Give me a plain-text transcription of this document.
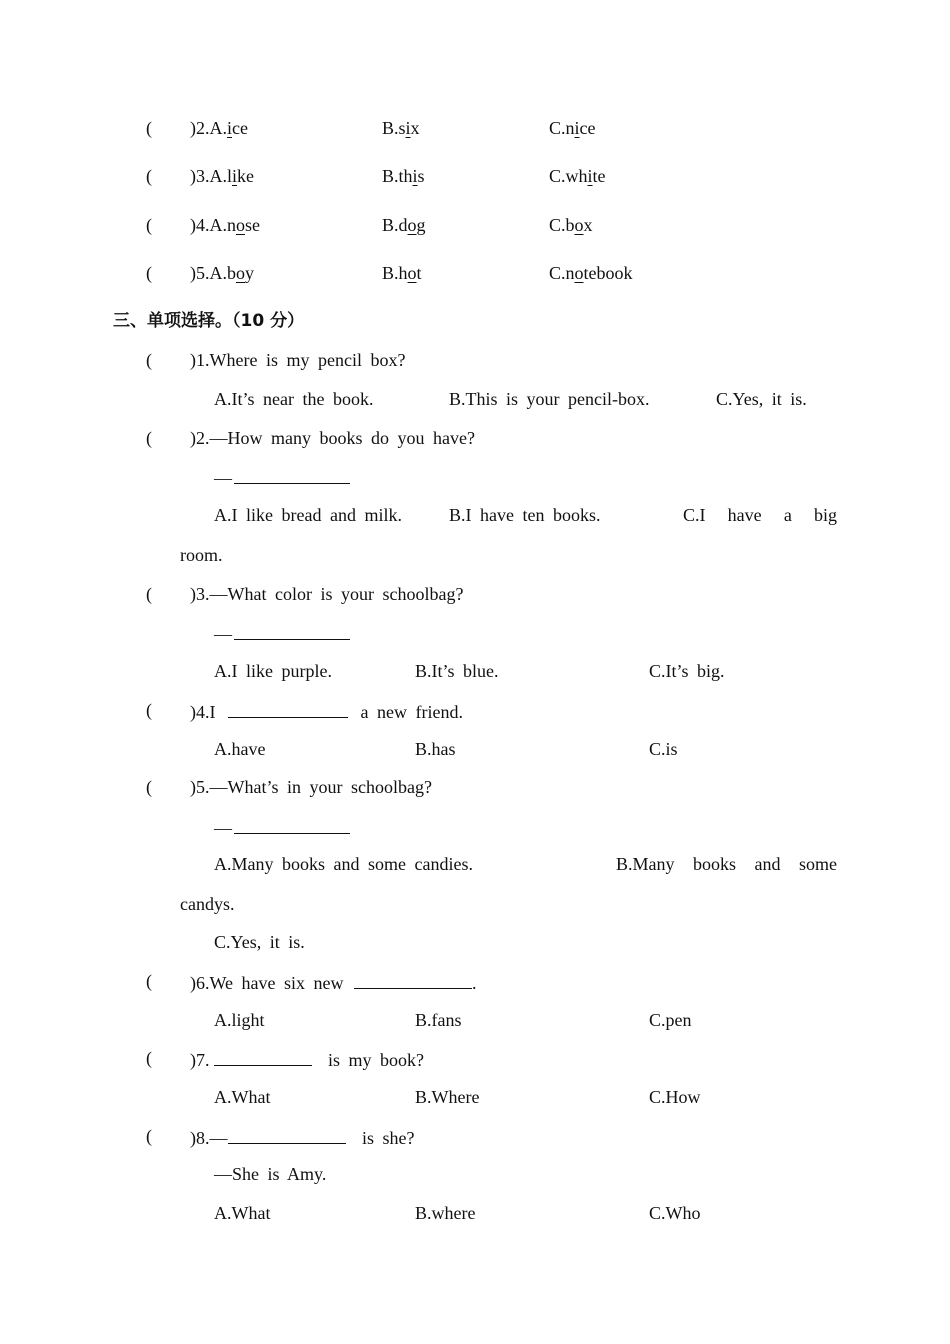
( )2.A.ice	B.six	C.nice
( )3.A.like	B.this	C.white
( )4.A.nose	B.dog	C.box
( )5.A.boy	B.hot	C.notebook
三、单项选择。（10 分）
( )1.Where is my pencil box?
A.It’s near the book.	B.This is your pencil-box.	C.Yes, it is.
( )2.—How many books do you have?
—
A.I like bread and milk.	B.I have ten books.	C.I have a big
room.
( )3.—What color is your schoolbag?
—
A.I like purple.	B.It’s blue.	C.It’s big.
( )4.I	a new friend.
A.have	B.has	C.is
( )5.—What’s in your schoolbag?
—
A.Many books and some candies.	B.Many books and some
candys.
C.Yes, it is.
( )6.We have six new	.
A.light	B.fans	C.pen
( )7.	is my book?
A.What	B.Where	C.How
( )8.—	is she?
—She is Amy.
A.What	B.where	C.Who
